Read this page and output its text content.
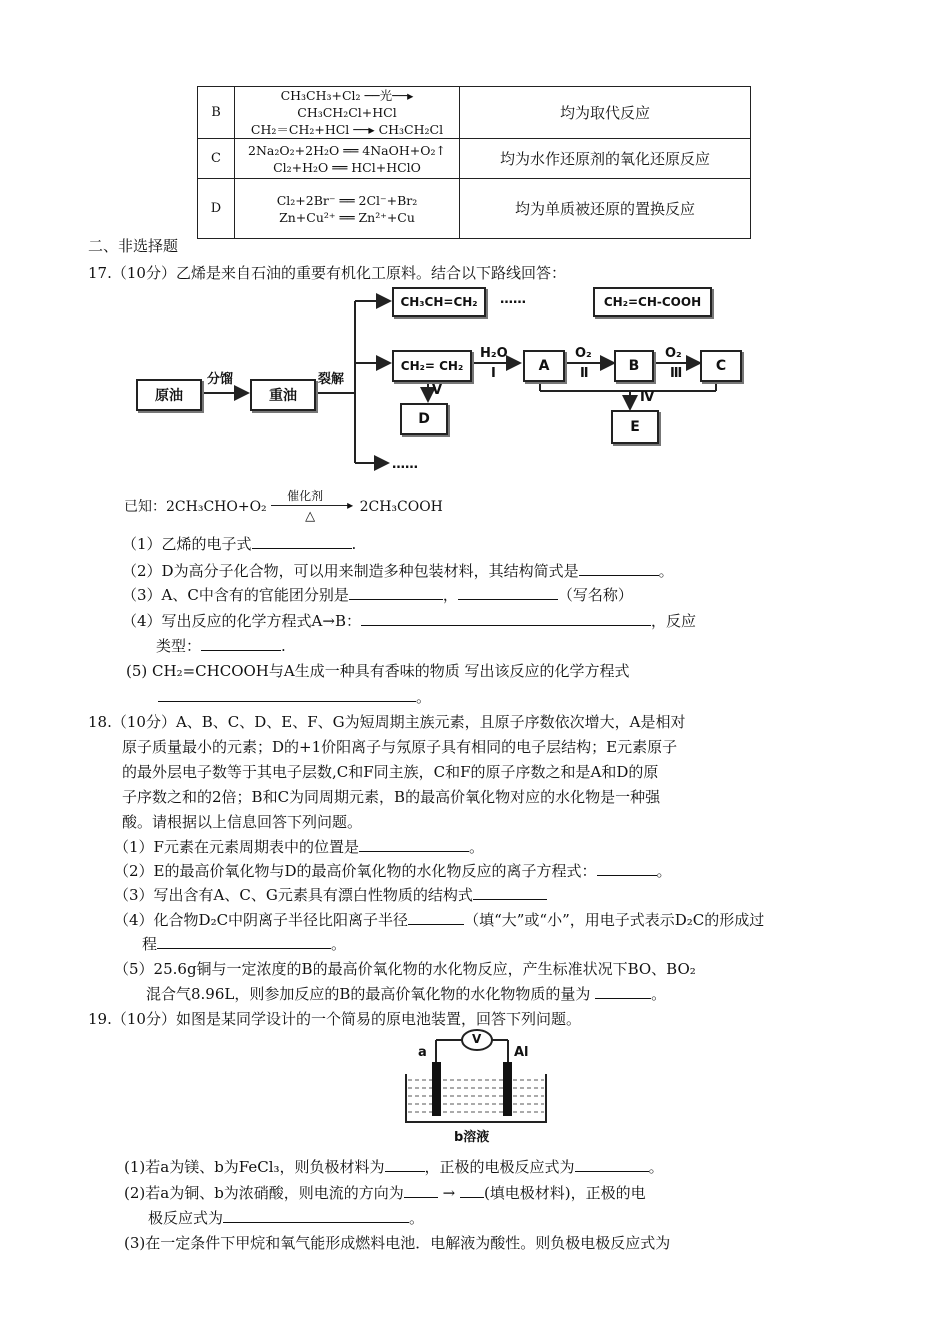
B	CH₃CH₃+Cl₂ ──光──▸ CH₃CH₂Cl+HCl
CH₂＝CH₂+HCl ──▸ CH₃CH₂Cl	均为取代反应
C	2Na₂O₂+2H₂O ══ 4NaOH+O₂↑
Cl₂+H₂O ══ HCl+HClO	均为水作还原剂的氧化还原反应
D	Cl₂+2Br⁻ ══ 2Cl⁻+Br₂
Zn+Cu²⁺ ══ Zn²⁺+Cu	均为单质被还原的置换反应
二、非选择题
17.（10分）乙烯是来自石油的重要有机化工原料。结合以下路线回答：
原油
分馏
重油
裂解
CH₃CH=CH₂	……	CH₂=CH-COOH
CH₂= CH₂
H₂O
I	A
O₂
Ⅱ	B
O₂
Ⅲ	C
V
D
Ⅳ
E
……
已知：2CH₃CHO+O₂
催化剂
▸
△
2CH₃COOH
（1）乙烯的电子式	.
（2）D为高分子化合物，可以用来制造多种包装材料，其结构简式是	。
（3）A、C中含有的官能团分别是	，	（写名称）
（4）写出反应的化学方程式A→B：	，反应
类型：	.
(5) CH₂=CHCOOH与A生成一种具有香味的物质 写出该反应的化学方程式
。
18.（10分）A、B、C、D、E、F、G为短周期主族元素，且原子序数依次增大，A是相对
原子质量最小的元素；D的+1价阳离子与氖原子具有相同的电子层结构；E元素原子
的最外层电子数等于其电子层数,C和F同主族，C和F的原子序数之和是A和D的原
子序数之和的2倍；B和C为同周期元素，B的最高价氧化物对应的水化物是一种强
酸。请根据以上信息回答下列问题。
（1）F元素在元素周期表中的位置是	。
（2）E的最高价氧化物与D的最高价氧化物的水化物反应的离子方程式：	。
（3）写出含有A、C、G元素具有漂白性物质的结构式
（4）化合物D₂C中阴离子半径比阳离子半径	（填“大”或“小”，用电子式表示D₂C的形成过
程	。
（5）25.6g铜与一定浓度的B的最高价氧化物的水化物反应，产生标准状况下BO、BO₂
混合气8.96L，则参加反应的B的最高价氧化物的水化物物质的量为	。
19.（10分）如图是某同学设计的一个简易的原电池装置，回答下列问题。
a
V
Al
b溶液
(1)若a为镁、b为FeCl₃，则负极材料为	，正极的电极反应式为	。
(2)若a为铜、b为浓硝酸，则电流的方向为	→ (填电极材料)，正极的电
极反应式为	。
(3)在一定条件下甲烷和氧气能形成燃料电池．电解液为酸性。则负极电极反应式为
